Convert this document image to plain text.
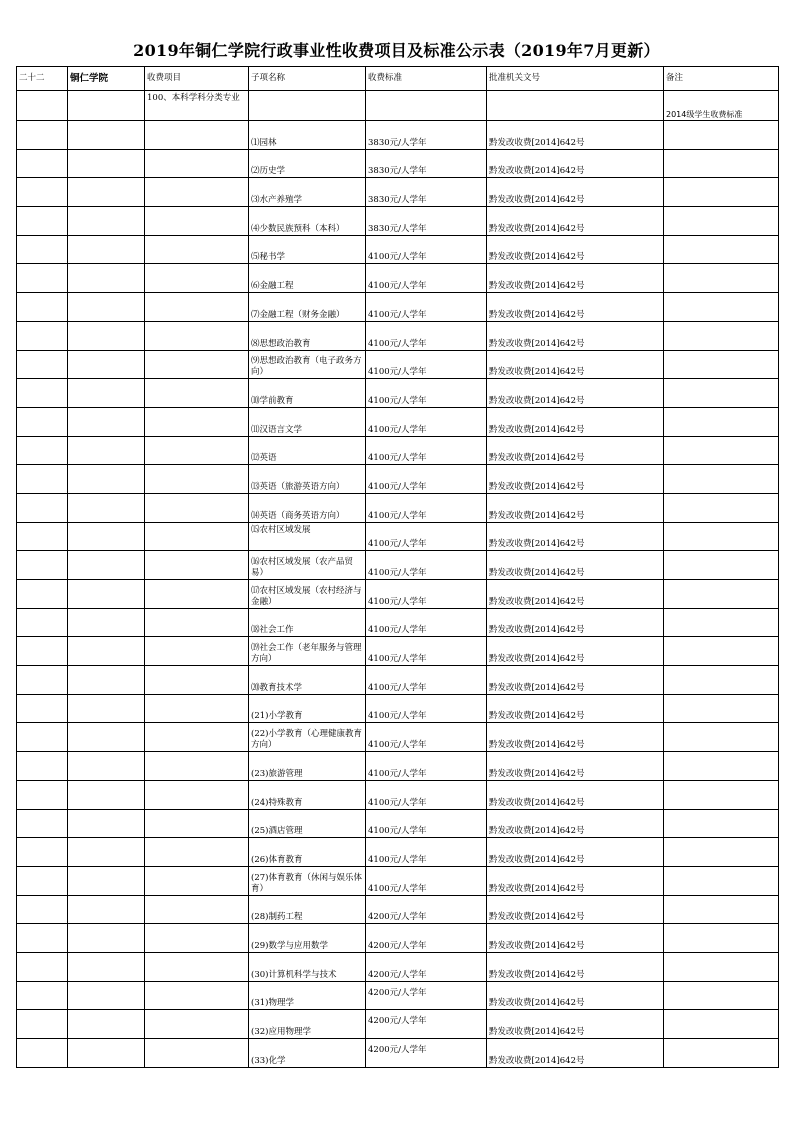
2019年铜仁学院行政事业性收费项目及标准公示表（2019年7月更新）
二十二	铜仁学院	收费项目	子项名称	收费标准	批准机关文号	备注
		100、本科学科分类专业				2014级学生收费标准
			⑴园林	3830元/人学年	黔发改收费[2014]642号	
			⑵历史学	3830元/人学年	黔发改收费[2014]642号	
			⑶水产养殖学	3830元/人学年	黔发改收费[2014]642号	
			⑷少数民族预科（本科）	3830元/人学年	黔发改收费[2014]642号	
			⑸秘书学	4100元/人学年	黔发改收费[2014]642号	
			⑹金融工程	4100元/人学年	黔发改收费[2014]642号	
			⑺金融工程（财务金融）	4100元/人学年	黔发改收费[2014]642号	
			⑻思想政治教育	4100元/人学年	黔发改收费[2014]642号	
			⑼思想政治教育（电子政务方向）	4100元/人学年	黔发改收费[2014]642号	
			⑽学前教育	4100元/人学年	黔发改收费[2014]642号	
			⑾汉语言文学	4100元/人学年	黔发改收费[2014]642号	
			⑿英语	4100元/人学年	黔发改收费[2014]642号	
			⒀英语（旅游英语方向）	4100元/人学年	黔发改收费[2014]642号	
			⒁英语（商务英语方向）	4100元/人学年	黔发改收费[2014]642号	
			⒂农村区域发展	4100元/人学年	黔发改收费[2014]642号	
			⒃农村区域发展（农产品贸易）	4100元/人学年	黔发改收费[2014]642号	
			⒄农村区域发展（农村经济与金融）	4100元/人学年	黔发改收费[2014]642号	
			⒅社会工作	4100元/人学年	黔发改收费[2014]642号	
			⒆社会工作（老年服务与管理方向）	4100元/人学年	黔发改收费[2014]642号	
			⒇教育技术学	4100元/人学年	黔发改收费[2014]642号	
			(21)小学教育	4100元/人学年	黔发改收费[2014]642号	
			(22)小学教育（心理健康教育方向）	4100元/人学年	黔发改收费[2014]642号	
			(23)旅游管理	4100元/人学年	黔发改收费[2014]642号	
			(24)特殊教育	4100元/人学年	黔发改收费[2014]642号	
			(25)酒店管理	4100元/人学年	黔发改收费[2014]642号	
			(26)体育教育	4100元/人学年	黔发改收费[2014]642号	
			(27)体育教育（休闲与娱乐体育）	4100元/人学年	黔发改收费[2014]642号	
			(28)制药工程	4200元/人学年	黔发改收费[2014]642号	
			(29)数学与应用数学	4200元/人学年	黔发改收费[2014]642号	
			(30)计算机科学与技术	4200元/人学年	黔发改收费[2014]642号	
			(31)物理学	4200元/人学年	黔发改收费[2014]642号	
			(32)应用物理学	4200元/人学年	黔发改收费[2014]642号	
			(33)化学	4200元/人学年	黔发改收费[2014]642号	
